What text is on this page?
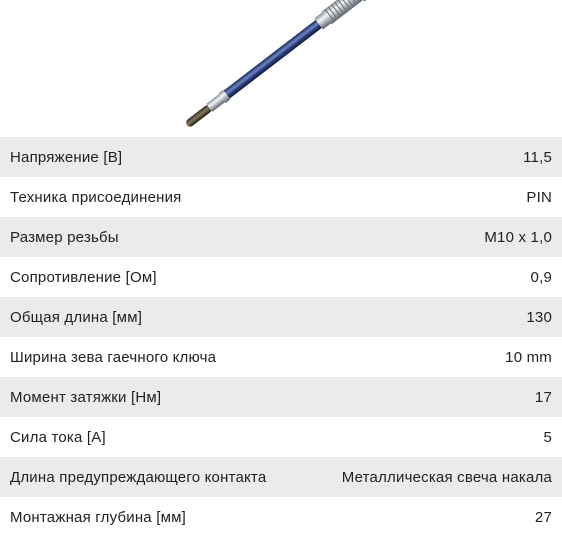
Напряжение [В]	11,5
Техника присоединения	PIN
Размер резьбы	M10 x 1,0
Сопротивление [Ом]	0,9
Общая длина [мм]	130
Ширина зева гаечного ключа	10 mm
Момент затяжки [Нм]	17
Сила тока [А]	5
Длина предупреждающего контакта	Металлическая свеча накала
Монтажная глубина [мм]	27
